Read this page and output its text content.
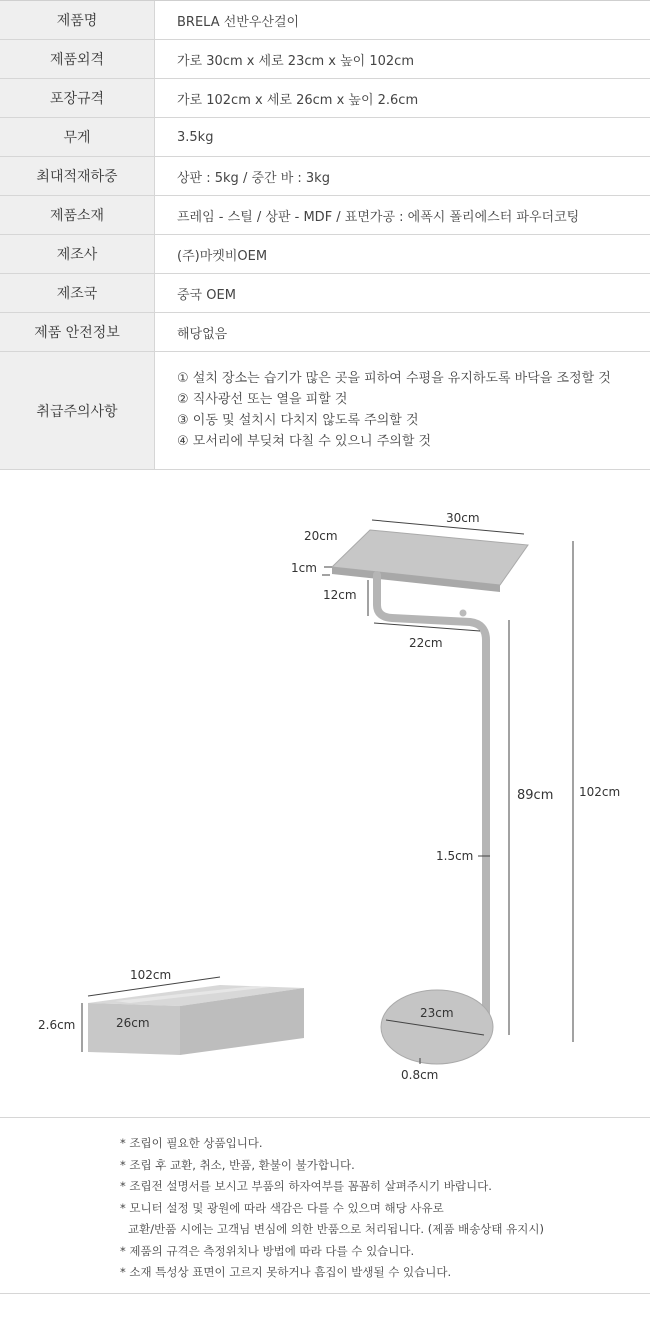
제품명	BRELA 선반우산걸이
제품외격	가로 30cm x 세로 23cm x 높이 102cm
포장규격	가로 102cm x 세로 26cm x 높이 2.6cm
무게	3.5kg
최대적재하중	상판 : 5kg / 중간 바 : 3kg
제품소재	프레임 - 스틸 / 상판 - MDF / 표면가공 : 에폭시 폴리에스터 파우더코팅
제조사	(주)마켓비OEM
제조국	중국 OEM
제품 안전정보	해당없음
취급주의사항
① 설치 장소는 습기가 많은 곳을 피하여 수평을 유지하도록 바닥을 조정할 것
② 직사광선 또는 열을 피할 것
③ 이동 및 설치시 다치지 않도록 주의할 것
④ 모서리에 부딪쳐 다칠 수 있으니 주의할 것
30cm
20cm
1cm
12cm
22cm
89cm 102cm
1.5cm
23cm
0.8cm
102cm
26cm
2.6cm
* 조립이 필요한 상품입니다.
* 조립 후 교환, 취소, 반품, 환불이 불가합니다.
* 조립전 설명서를 보시고 부품의 하자여부를 꼼꼼히 살펴주시기 바랍니다.
* 모니터 설정 및 광원에 따라 색감은 다를 수 있으며 해당 사유로
교환/반품 시에는 고객님 변심에 의한 반품으로 처리됩니다. (제품 배송상태 유지시)
* 제품의 규격은 측정위치나 방법에 따라 다를 수 있습니다.
* 소재 특성상 표면이 고르지 못하거나 흠집이 발생될 수 있습니다.
